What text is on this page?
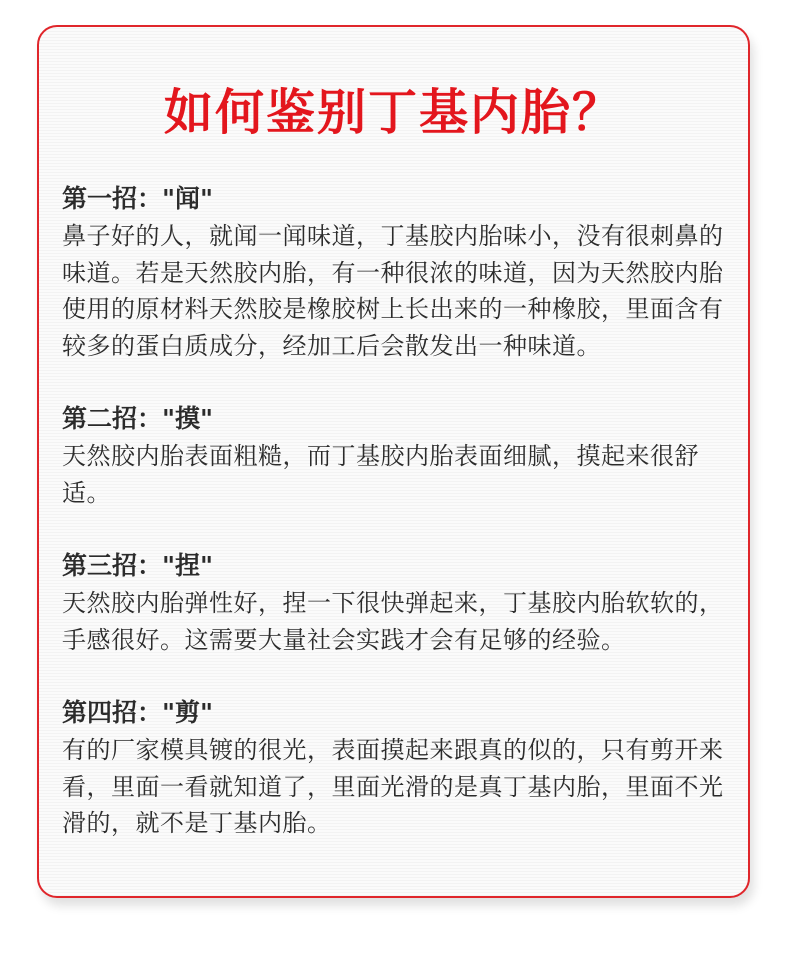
如何鉴别丁基内胎？
第一招："闻"

鼻子好的人，就闻一闻味道，丁基胶内胎味小，没有很刺鼻的味道。若是天然胶内胎，有一种很浓的味道，因为天然胶内胎使用的原材料天然胶是橡胶树上长出来的一种橡胶，里面含有较多的蛋白质成分，经加工后会散发出一种味道。

第二招："摸"

天然胶内胎表面粗糙，而丁基胶内胎表面细腻，摸起来很舒适。

第三招："捏"

天然胶内胎弹性好，捏一下很快弹起来，丁基胶内胎软软的，手感很好。这需要大量社会实践才会有足够的经验。

第四招："剪"

有的厂家模具镀的很光，表面摸起来跟真的似的，只有剪开来看，里面一看就知道了，里面光滑的是真丁基内胎，里面不光滑的，就不是丁基内胎。
